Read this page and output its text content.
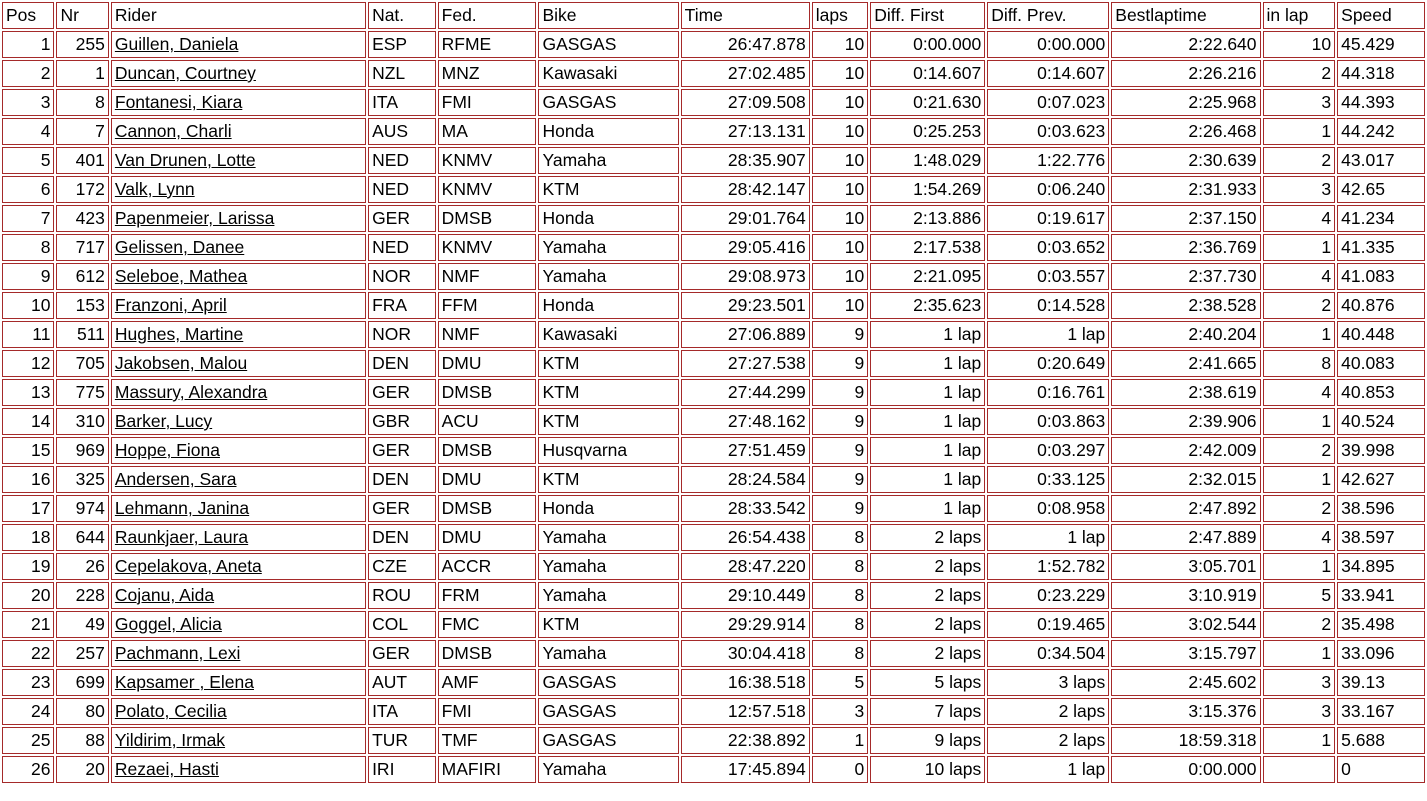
Pos	Nr	Rider	Nat.	Fed.	Bike	Time	laps	Diff. First	Diff. Prev.	Bestlaptime	in lap	Speed
1	255	Guillen, Daniela	ESP	RFME	GASGAS	26:47.878	10	0:00.000	0:00.000	2:22.640	10	45.429
2	1	Duncan, Courtney	NZL	MNZ	Kawasaki	27:02.485	10	0:14.607	0:14.607	2:26.216	2	44.318
3	8	Fontanesi, Kiara	ITA	FMI	GASGAS	27:09.508	10	0:21.630	0:07.023	2:25.968	3	44.393
4	7	Cannon, Charli	AUS	MA	Honda	27:13.131	10	0:25.253	0:03.623	2:26.468	1	44.242
5	401	Van Drunen, Lotte	NED	KNMV	Yamaha	28:35.907	10	1:48.029	1:22.776	2:30.639	2	43.017
6	172	Valk, Lynn	NED	KNMV	KTM	28:42.147	10	1:54.269	0:06.240	2:31.933	3	42.65
7	423	Papenmeier, Larissa	GER	DMSB	Honda	29:01.764	10	2:13.886	0:19.617	2:37.150	4	41.234
8	717	Gelissen, Danee	NED	KNMV	Yamaha	29:05.416	10	2:17.538	0:03.652	2:36.769	1	41.335
9	612	Seleboe, Mathea	NOR	NMF	Yamaha	29:08.973	10	2:21.095	0:03.557	2:37.730	4	41.083
10	153	Franzoni, April	FRA	FFM	Honda	29:23.501	10	2:35.623	0:14.528	2:38.528	2	40.876
11	511	Hughes, Martine	NOR	NMF	Kawasaki	27:06.889	9	1 lap	1 lap	2:40.204	1	40.448
12	705	Jakobsen, Malou	DEN	DMU	KTM	27:27.538	9	1 lap	0:20.649	2:41.665	8	40.083
13	775	Massury, Alexandra	GER	DMSB	KTM	27:44.299	9	1 lap	0:16.761	2:38.619	4	40.853
14	310	Barker, Lucy	GBR	ACU	KTM	27:48.162	9	1 lap	0:03.863	2:39.906	1	40.524
15	969	Hoppe, Fiona	GER	DMSB	Husqvarna	27:51.459	9	1 lap	0:03.297	2:42.009	2	39.998
16	325	Andersen, Sara	DEN	DMU	KTM	28:24.584	9	1 lap	0:33.125	2:32.015	1	42.627
17	974	Lehmann, Janina	GER	DMSB	Honda	28:33.542	9	1 lap	0:08.958	2:47.892	2	38.596
18	644	Raunkjaer, Laura	DEN	DMU	Yamaha	26:54.438	8	2 laps	1 lap	2:47.889	4	38.597
19	26	Cepelakova, Aneta	CZE	ACCR	Yamaha	28:47.220	8	2 laps	1:52.782	3:05.701	1	34.895
20	228	Cojanu, Aida	ROU	FRM	Yamaha	29:10.449	8	2 laps	0:23.229	3:10.919	5	33.941
21	49	Goggel, Alicia	COL	FMC	KTM	29:29.914	8	2 laps	0:19.465	3:02.544	2	35.498
22	257	Pachmann, Lexi	GER	DMSB	Yamaha	30:04.418	8	2 laps	0:34.504	3:15.797	1	33.096
23	699	Kapsamer , Elena	AUT	AMF	GASGAS	16:38.518	5	5 laps	3 laps	2:45.602	3	39.13
24	80	Polato, Cecilia	ITA	FMI	GASGAS	12:57.518	3	7 laps	2 laps	3:15.376	3	33.167
25	88	Yildirim, Irmak	TUR	TMF	GASGAS	22:38.892	1	9 laps	2 laps	18:59.318	1	5.688
26	20	Rezaei, Hasti	IRI	MAFIRI	Yamaha	17:45.894	0	10 laps	1 lap	0:00.000		0
